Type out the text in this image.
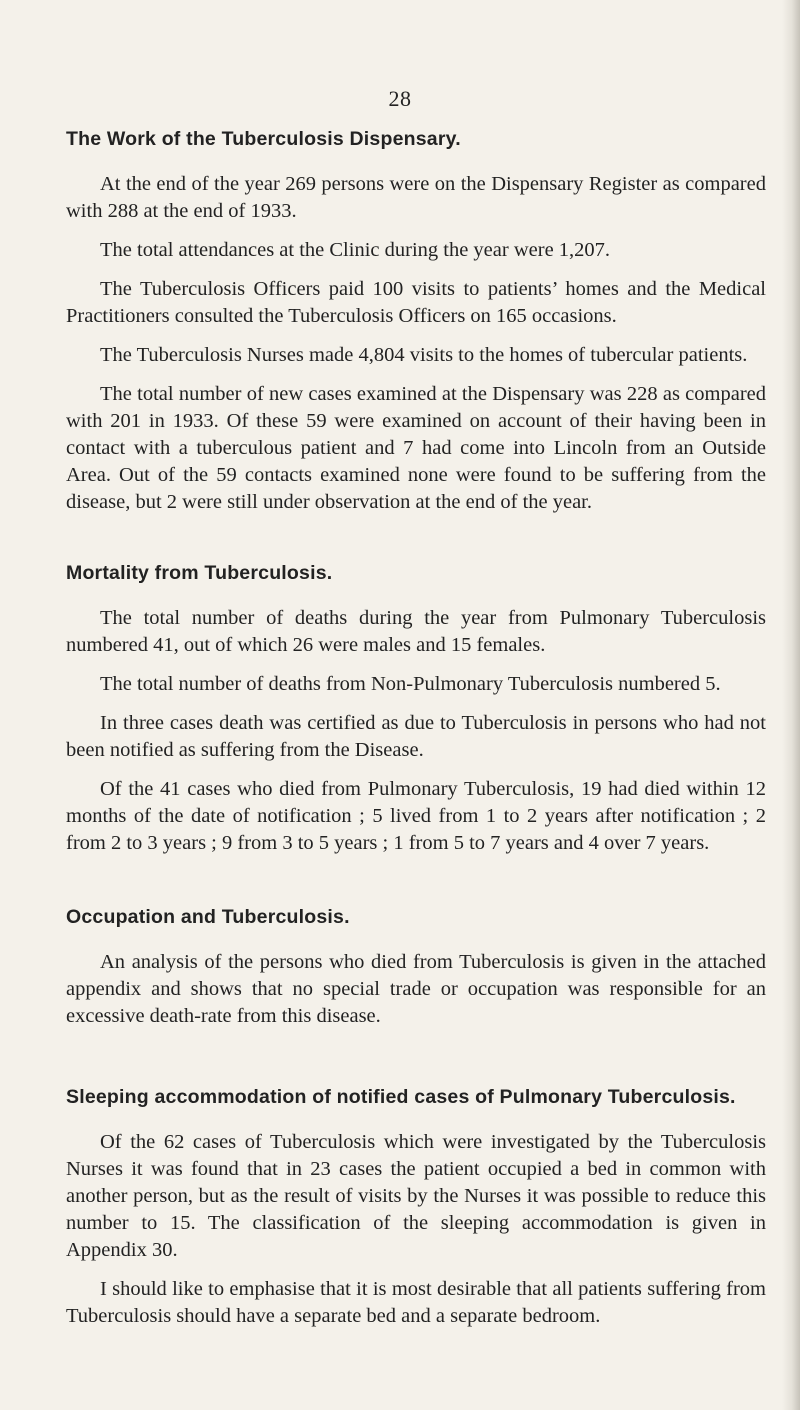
28
The Work of the Tuberculosis Dispensary.

At the end of the year 269 persons were on the Dispensary Register as compared with 288 at the end of 1933.

The total attendances at the Clinic during the year were 1,207.

The Tuberculosis Officers paid 100 visits to patients’ homes and the Medical Practitioners consulted the Tuberculosis Officers on 165 occasions.

The Tuberculosis Nurses made 4,804 visits to the homes of tubercular patients.

The total number of new cases examined at the Dispensary was 228 as compared with 201 in 1933. Of these 59 were examined on account of their having been in contact with a tuberculous patient and 7 had come into Lincoln from an Outside Area. Out of the 59 contacts examined none were found to be suffering from the disease, but 2 were still under observation at the end of the year.

Mortality from Tuberculosis.

The total number of deaths during the year from Pulmonary Tuberculosis numbered 41, out of which 26 were males and 15 females.

The total number of deaths from Non-Pulmonary Tuberculosis numbered 5.

In three cases death was certified as due to Tuberculosis in persons who had not been notified as suffering from the Disease.

Of the 41 cases who died from Pulmonary Tuberculosis, 19 had died within 12 months of the date of notification ; 5 lived from 1 to 2 years after notification ; 2 from 2 to 3 years ; 9 from 3 to 5 years ; 1 from 5 to 7 years and 4 over 7 years.

Occupation and Tuberculosis.

An analysis of the persons who died from Tuberculosis is given in the attached appendix and shows that no special trade or occupation was responsible for an excessive death-rate from this disease.

Sleeping accommodation of notified cases of Pulmonary Tuberculosis.

Of the 62 cases of Tuberculosis which were investigated by the Tuberculosis Nurses it was found that in 23 cases the patient occupied a bed in common with another person, but as the result of visits by the Nurses it was possible to reduce this number to 15. The classification of the sleeping accommodation is given in Appendix 30.

I should like to emphasise that it is most desirable that all patients suffering from Tuberculosis should have a separate bed and a separate bedroom.
